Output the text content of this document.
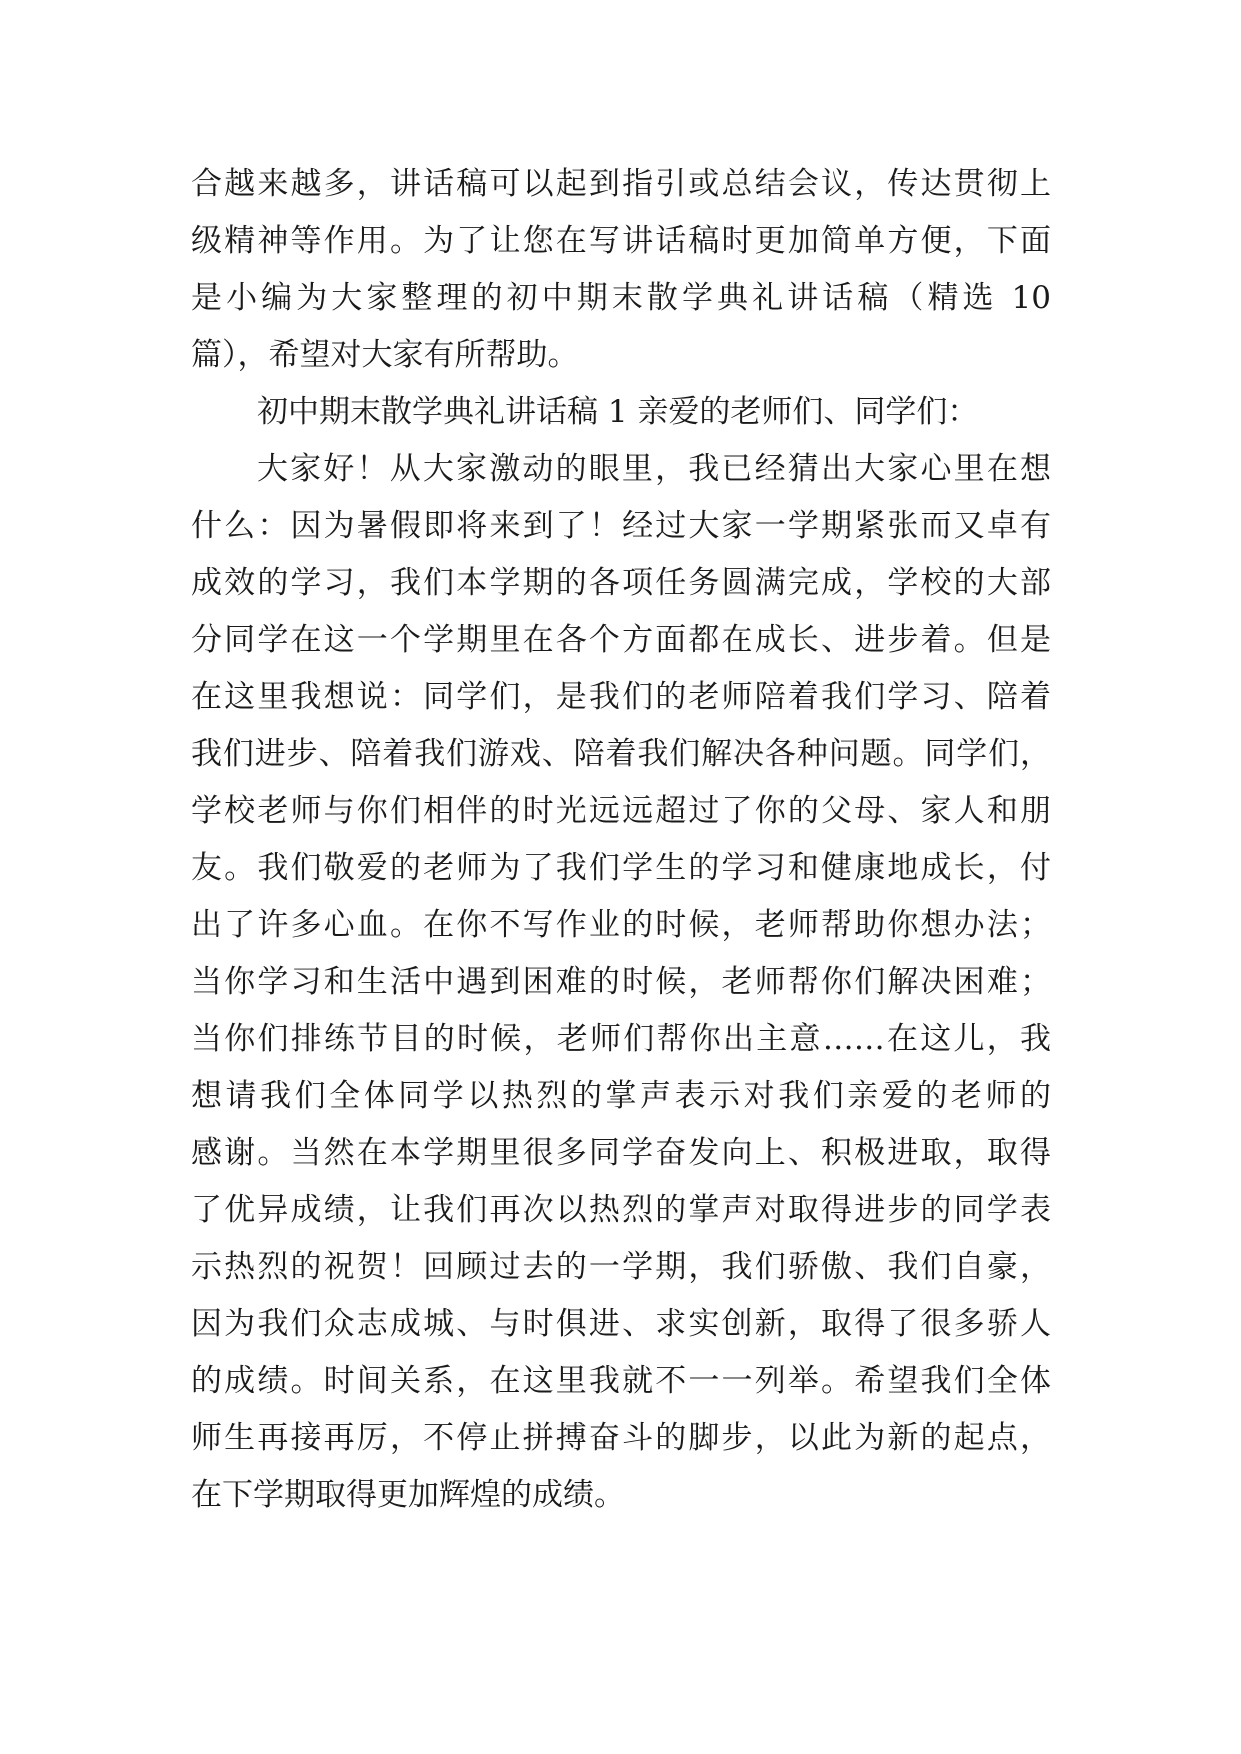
合越来越多，讲话稿可以起到指引或总结会议，传达贯彻上
级精神等作用。为了让您在写讲话稿时更加简单方便，下面
是小编为大家整理的初中期末散学典礼讲话稿（精选 10
篇），希望对大家有所帮助。
初中期末散学典礼讲话稿 1 亲爱的老师们、同学们：
大家好！从大家激动的眼里，我已经猜出大家心里在想
什么：因为暑假即将来到了！经过大家一学期紧张而又卓有
成效的学习，我们本学期的各项任务圆满完成，学校的大部
分同学在这一个学期里在各个方面都在成长、进步着。但是
在这里我想说：同学们，是我们的老师陪着我们学习、陪着
我们进步、陪着我们游戏、陪着我们解决各种问题。同学们，
学校老师与你们相伴的时光远远超过了你的父母、家人和朋
友。我们敬爱的老师为了我们学生的学习和健康地成长，付
出了许多心血。在你不写作业的时候，老师帮助你想办法；
当你学习和生活中遇到困难的时候，老师帮你们解决困难；
当你们排练节目的时候，老师们帮你出主意……在这儿，我
想请我们全体同学以热烈的掌声表示对我们亲爱的老师的
感谢。当然在本学期里很多同学奋发向上、积极进取，取得
了优异成绩，让我们再次以热烈的掌声对取得进步的同学表
示热烈的祝贺！回顾过去的一学期，我们骄傲、我们自豪，
因为我们众志成城、与时俱进、求实创新，取得了很多骄人
的成绩。时间关系，在这里我就不一一列举。希望我们全体
师生再接再厉，不停止拼搏奋斗的脚步，以此为新的起点，
在下学期取得更加辉煌的成绩。
